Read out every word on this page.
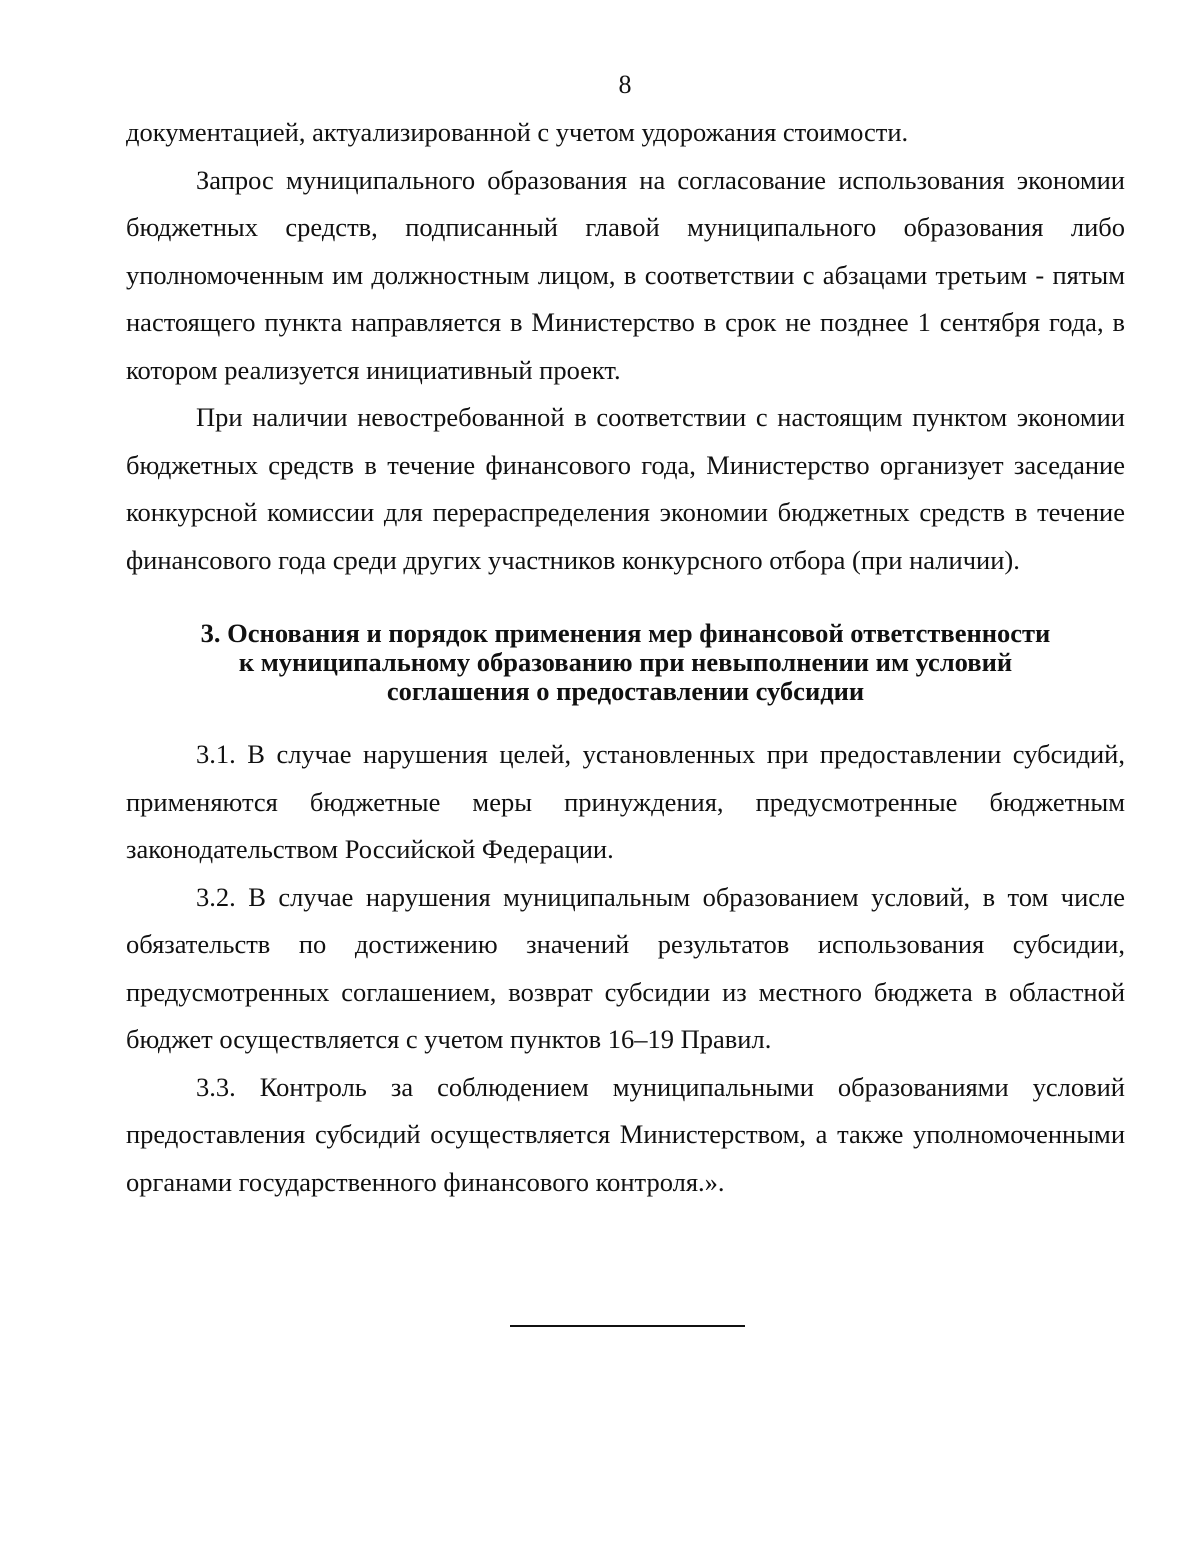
8

документацией, актуализированной с учетом удорожания стоимости.

Запрос муниципального образования на согласование использования экономии бюджетных средств, подписанный главой муниципального образования либо уполномоченным им должностным лицом, в соответствии с абзацами третьим - пятым настоящего пункта направляется в Министерство в срок не позднее 1 сентября года, в котором реализуется инициативный проект.

При наличии невостребованной в соответствии с настоящим пунктом экономии бюджетных средств в течение финансового года, Министерство организует заседание конкурсной комиссии для перераспределения экономии бюджетных средств в течение финансового года среди других участников конкурсного отбора (при наличии).

3. Основания и порядок применения мер финансовой ответственности
к муниципальному образованию при невыполнении им условий
соглашения о предоставлении субсидии

3.1. В случае нарушения целей, установленных при предоставлении субсидий, применяются бюджетные меры принуждения, предусмотренные бюджетным законодательством Российской Федерации.

3.2. В случае нарушения муниципальным образованием условий, в том числе обязательств по достижению значений результатов использования субсидии, предусмотренных соглашением, возврат субсидии из местного бюджета в областной бюджет осуществляется с учетом пунктов 16–19 Правил.

3.3. Контроль за соблюдением муниципальными образованиями условий предоставления субсидий осуществляется Министерством, а также уполномоченными органами государственного финансового контроля.».
